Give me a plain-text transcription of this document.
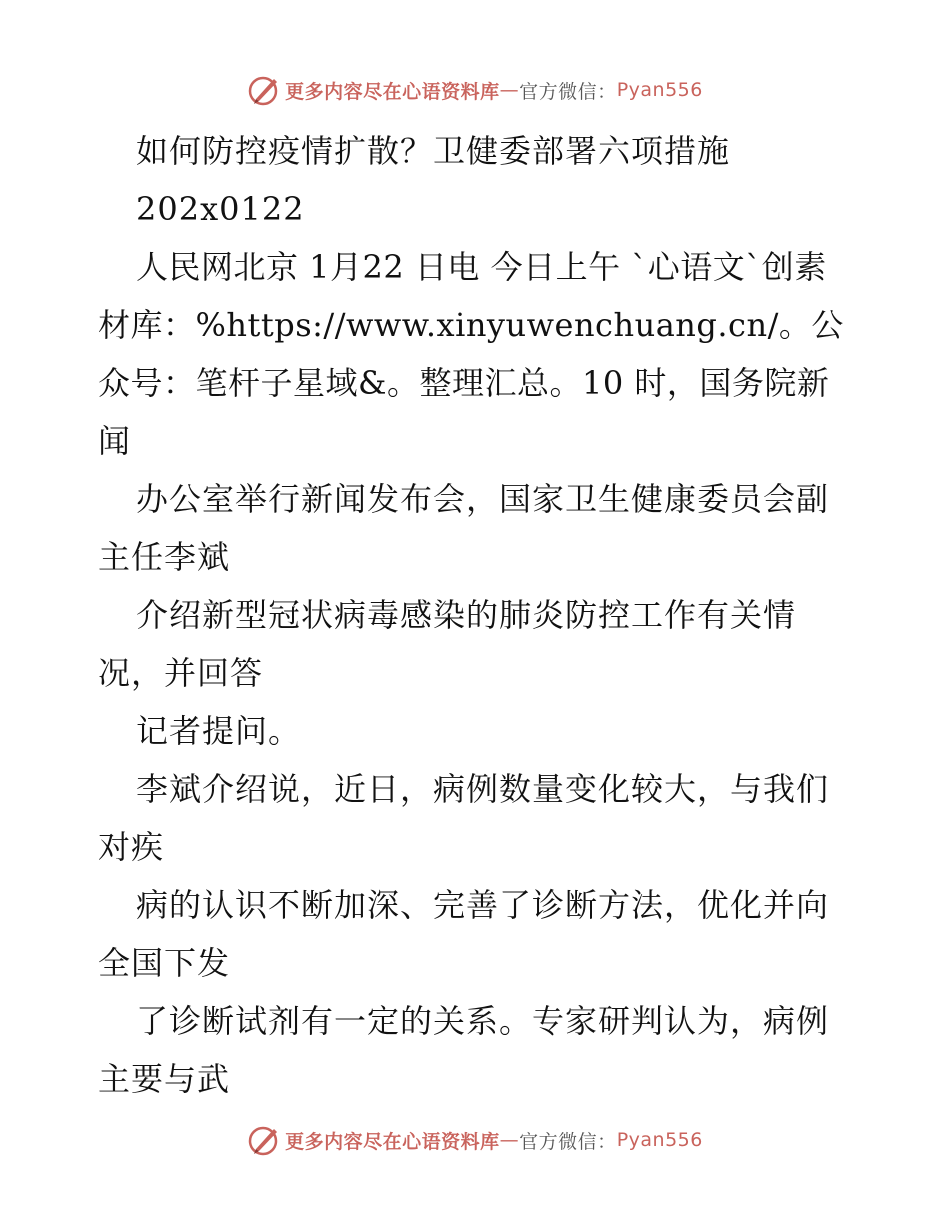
更多内容尽在心语资料库 — 官方微信： Pyan556

如何防控疫情扩散？卫健委部署六项措施

202x0122

人民网北京 1月22 日电 今日上午 `心语文`创素材库：%https://www.xinyuwenchuang.cn/。公众号：笔杆子星域&。整理汇总。10 时，国务院新闻

办公室举行新闻发布会，国家卫生健康委员会副主任李斌

介绍新型冠状病毒感染的肺炎防控工作有关情况，并回答

记者提问。

李斌介绍说，近日，病例数量变化较大，与我们对疾

病的认识不断加深、完善了诊断方法，优化并向全国下发

了诊断试剂有一定的关系。专家研判认为，病例主要与武

更多内容尽在心语资料库 — 官方微信： Pyan556
